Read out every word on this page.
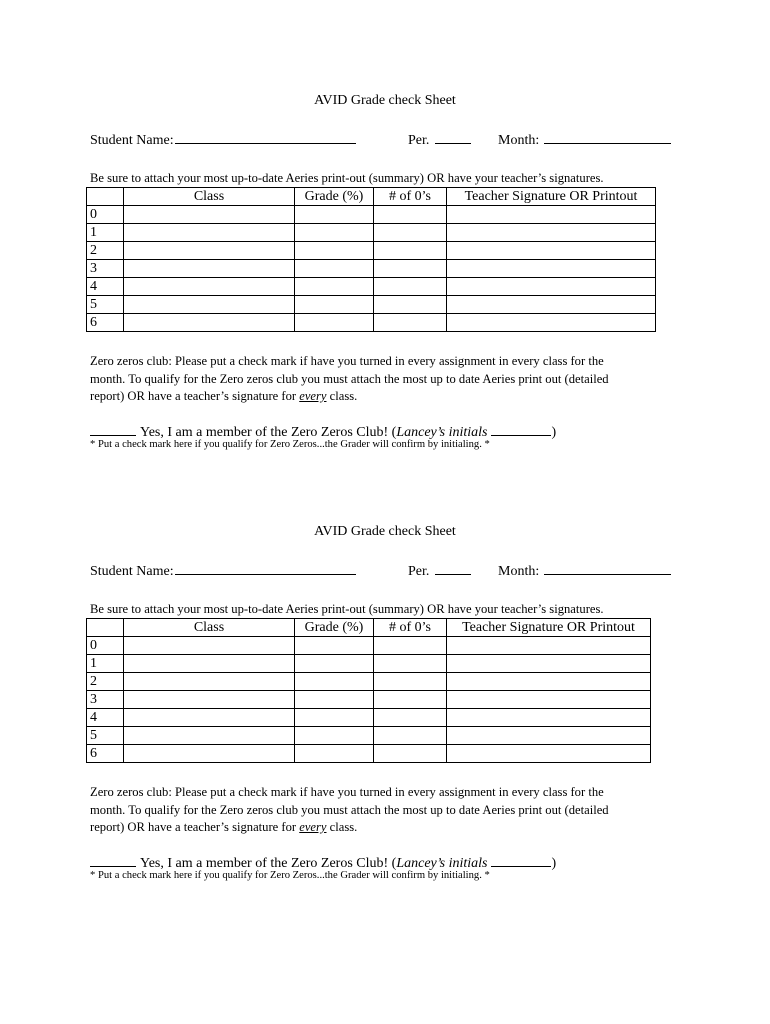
AVID Grade check Sheet
Student Name:	Per.	Month:
Be sure to attach your most up-to-date Aeries print-out (summary) OR have your teacher’s signatures.
	Class	Grade (%)	# of 0’s	Teacher Signature OR Printout
0				
1				
2				
3				
4				
5				
6				

Zero zeros club: Please put a check mark if have you turned in every assignment in every class for the

month. To qualify for the Zero zeros club you must attach the most up to date Aeries print out (detailed

report) OR have a teacher’s signature for every class.

Yes, I am a member of the Zero Zeros Club! (Lancey’s initials	)
* Put a check mark here if you qualify for Zero Zeros...the Grader will confirm by initialing. *
AVID Grade check Sheet
Student Name:	Per.	Month:
Be sure to attach your most up-to-date Aeries print-out (summary) OR have your teacher’s signatures.
	Class	Grade (%)	# of 0’s	Teacher Signature OR Printout
0				
1				
2				
3				
4				
5				
6				

Zero zeros club: Please put a check mark if have you turned in every assignment in every class for the

month. To qualify for the Zero zeros club you must attach the most up to date Aeries print out (detailed

report) OR have a teacher’s signature for every class.

Yes, I am a member of the Zero Zeros Club! (Lancey’s initials	)
* Put a check mark here if you qualify for Zero Zeros...the Grader will confirm by initialing. *
